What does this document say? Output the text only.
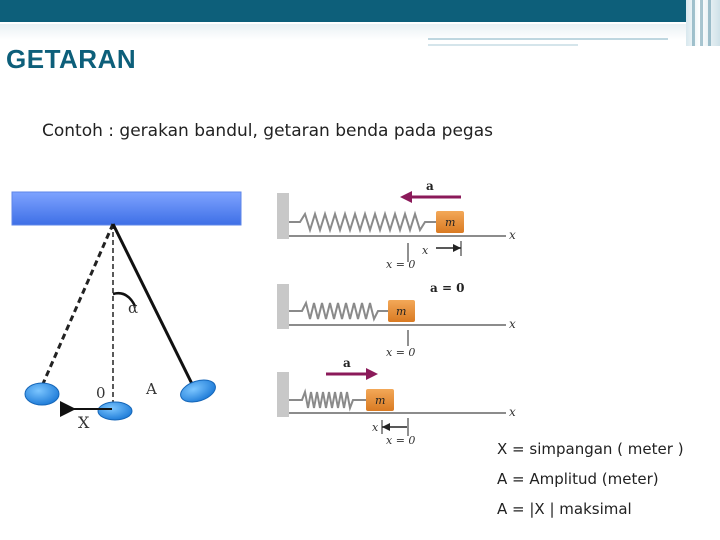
GETARAN
Contoh : gerakan bandul, getaran benda pada pegas
α
0	A
X
m
a
x
x
x = 0
m
a = 0
x
x = 0
m
a
x
x
x = 0	X = simpangan ( meter )
A = Amplitud (meter)
A = |X | maksimal
